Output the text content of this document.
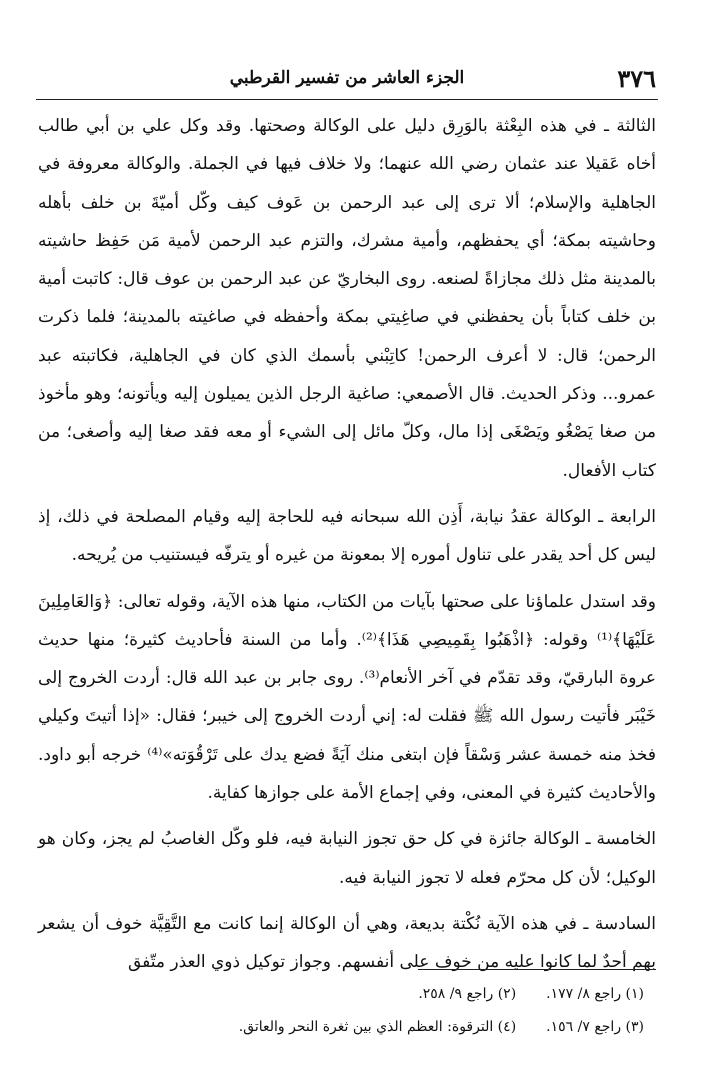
٣٧٦
الجزء العاشر من تفسير القرطبي

الثالثة ـ في هذه البِعْثة بالوَرِق دليل على الوكالة وصحتها. وقد وكل علي بن أبي طالب أخاه عَقيلا عند عثمان رضي الله عنهما؛ ولا خلاف فيها في الجملة. والوكالة معروفة في الجاهلية والإسلام؛ ألا ترى إلى عبد الرحمن بن عَوف كيف وكّل أميّةَ بن خلف بأهله وحاشيته بمكة؛ أي يحفظهم، وأمية مشرك، والتزم عبد الرحمن لأمية مَن حَفِظ حاشيته بالمدينة مثل ذلك مجازاةً لصنعه. روى البخاريّ عن عبد الرحمن بن عوف قال: كاتبت أمية بن خلف كتاباً بأن يحفظني في صاغِيتي بمكة وأحفظه في صاغيته بالمدينة؛ فلما ذكرت الرحمن؛ قال: لا أعرف الرحمن! كاتِبْني بأسمك الذي كان في الجاهلية، فكاتبته عبد عمرو... وذكر الحديث. قال الأصمعي: صاغية الرجل الذين يميلون إليه ويأتونه؛ وهو مأخوذ من صغا يَصْغُو ويَصْغَى إذا مال، وكلّ مائل إلى الشيء أو معه فقد صغا إليه وأصغى؛ من كتاب الأفعال.

الرابعة ـ الوكالة عقدُ نيابة، أَذِن الله سبحانه فيه للحاجة إليه وقيام المصلحة في ذلك، إذ ليس كل أحد يقدر على تناول أموره إلا بمعونة من غيره أو يترفّه فيستنيب من يُريحه.

وقد استدل علماؤنا على صحتها بآيات من الكتاب، منها هذه الآية، وقوله تعالى: ﴿وَالعَامِلِينَ عَلَيْهَا﴾⁽¹⁾ وقوله: ﴿اذْهَبُوا بِقَمِيصِي هَذَا﴾⁽²⁾. وأما من السنة فأحاديث كثيرة؛ منها حديث عروة البارقيّ، وقد تقدّم في آخر الأنعام⁽³⁾. روى جابر بن عبد الله قال: أردت الخروج إلى خَيْبَر فأتيت رسول الله ﷺ فقلت له: إني أردت الخروج إلى خيبر؛ فقال: «إذا أتيتَ وكيلي فخذ منه خمسة عشر وَسْقاً فإن ابتغى منك آيَةً فضع يدك على تَرْقُوَته»⁽⁴⁾ خرجه أبو داود. والأحاديث كثيرة في المعنى، وفي إجماع الأمة على جوازها كفاية.

الخامسة ـ الوكالة جائزة في كل حق تجوز النيابة فيه، فلو وكّل الغاصبُ لم يجز، وكان هو الوكيل؛ لأن كل محرّم فعله لا تجوز النيابة فيه.

السادسة ـ في هذه الآية نُكْتة بديعة، وهي أن الوكالة إنما كانت مع التَّقِيَّة خوف أن يشعر بهم أحدٌ لما كانوا عليه من خوف على أنفسهم. وجواز توكيل ذوي العذر متّفق

(١) راجع ٨/ ١٧٧.
(٢) راجع ٩/ ٢٥٨.
(٣) راجع ٧/ ١٥٦.
(٤) الترقوة: العظم الذي بين ثغرة النحر والعاتق.
